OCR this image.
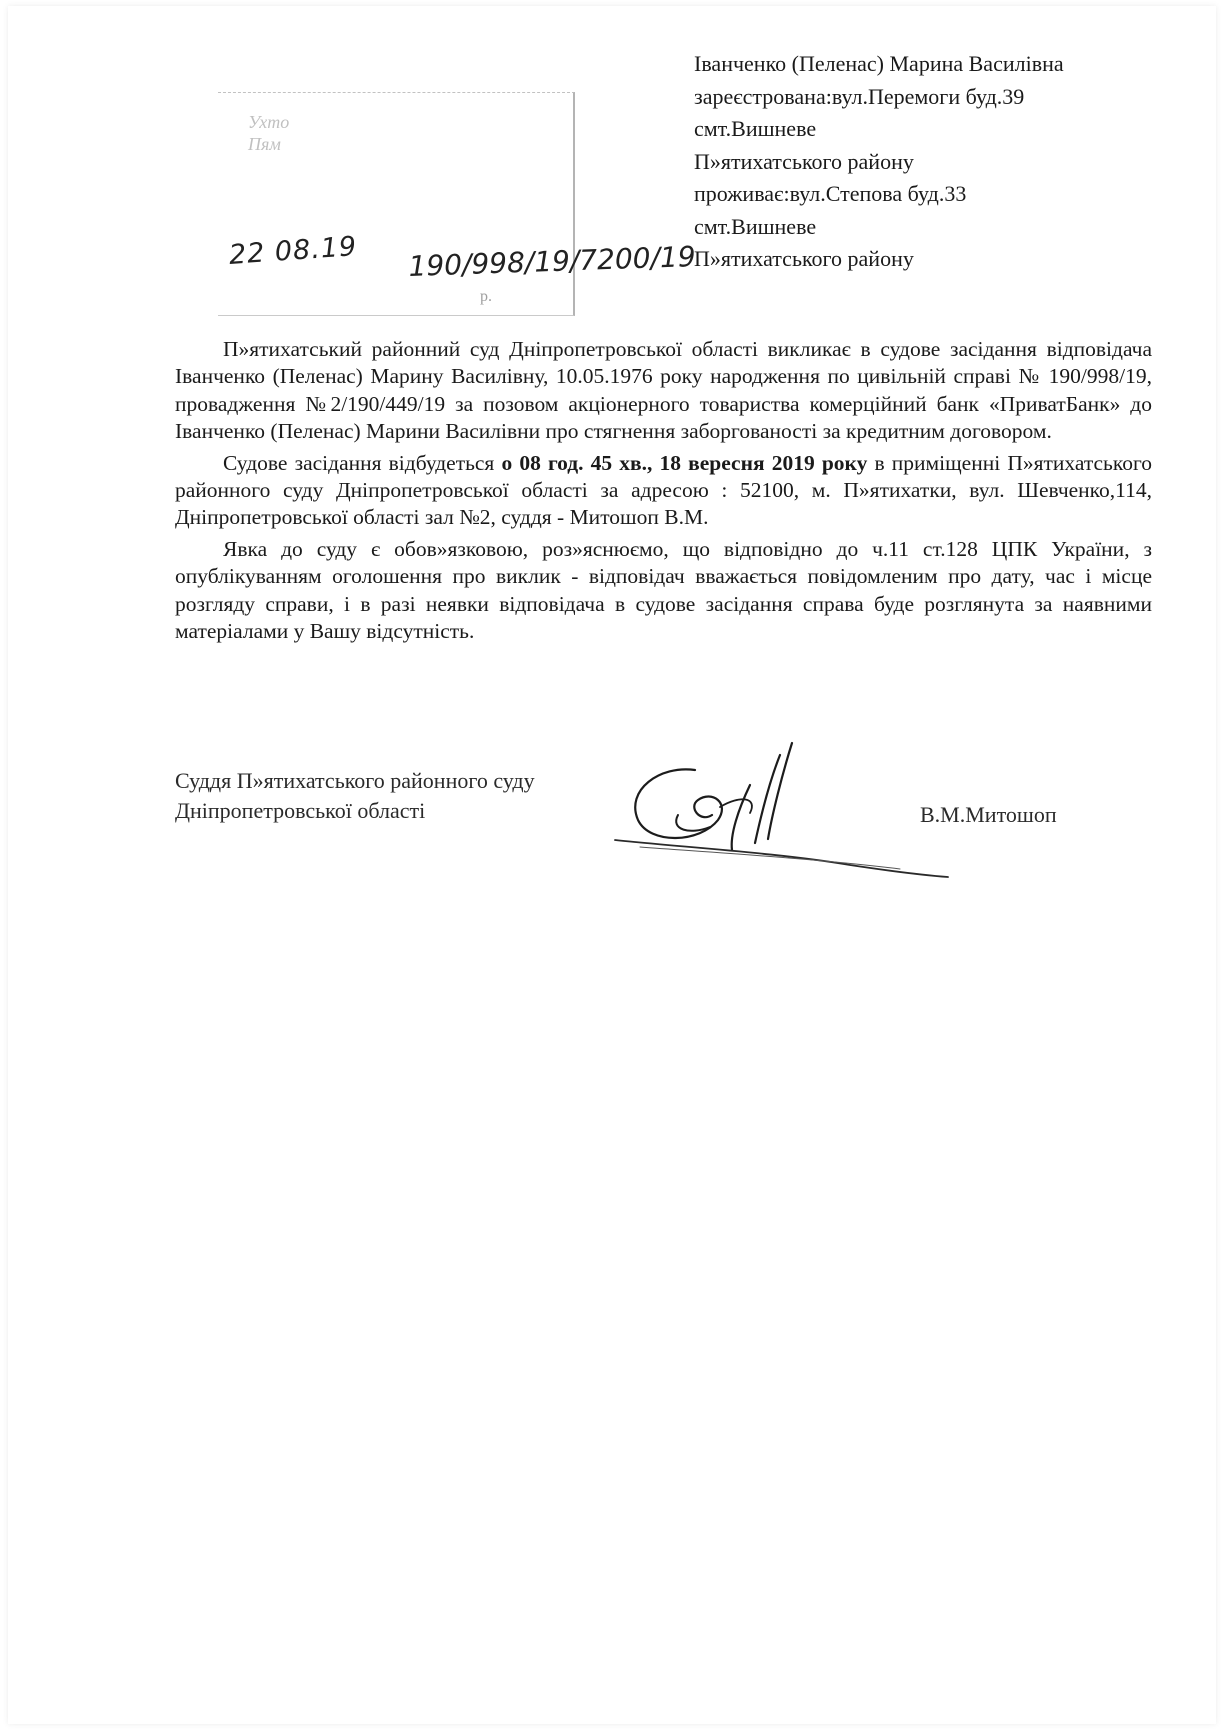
Ухто
Пям
р.
22 08.19 190/998/19/7200/19
Іванченко (Пеленас) Марина Василівна
зареєстрована:вул.Перемоги буд.39
смт.Вишневе
П»ятихатського району
проживає:вул.Степова буд.33
смт.Вишневе
П»ятихатського району

П»ятихатський районний суд Дніпропетровської області викликає в судове засідання відповідача Іванченко (Пеленас) Марину Василівну, 10.05.1976 року народження по цивільній справі № 190/998/19, провадження №2/190/449/19 за позовом акціонерного товариства комерційний банк «ПриватБанк» до Іванченко (Пеленас) Марини Василівни про стягнення заборгованості за кредитним договором.

Судове засідання відбудеться о 08 год. 45 хв., 18 вересня 2019 року в приміщенні П»ятихатського районного суду Дніпропетровської області за адресою : 52100, м. П»ятихатки, вул. Шевченко,114, Дніпропетровської області зал №2, суддя - Митошоп В.М.

Явка до суду є обов»язковою, роз»яснюємо, що відповідно до ч.11 ст.128 ЦПК України, з опублікуванням оголошення про виклик - відповідач вважається повідомленим про дату, час і місце розгляду справи, і в разі неявки відповідача в судове засідання справа буде розглянута за наявними матеріалами у Вашу відсутність.

Суддя П»ятихатського районного суду
Дніпропетровської області	В.М.Митошоп
